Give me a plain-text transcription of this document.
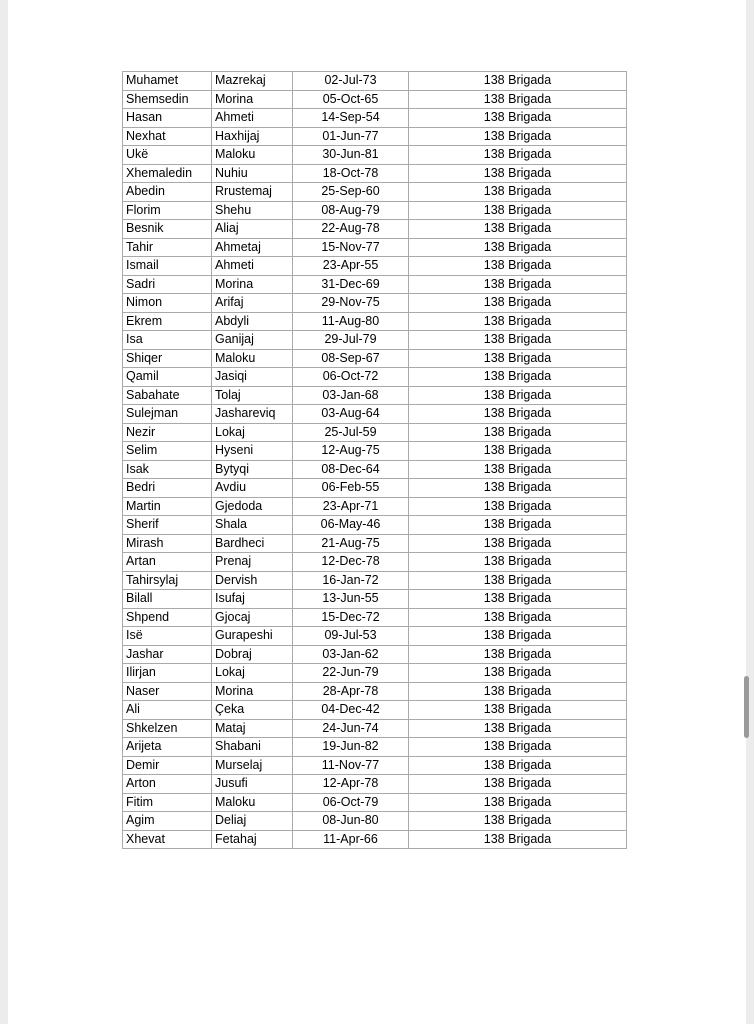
Muhamet	Mazrekaj	02-Jul-73	138 Brigada
Shemsedin	Morina	05-Oct-65	138 Brigada
Hasan	Ahmeti	14-Sep-54	138 Brigada
Nexhat	Haxhijaj	01-Jun-77	138 Brigada
Ukë	Maloku	30-Jun-81	138 Brigada
Xhemaledin	Nuhiu	18-Oct-78	138 Brigada
Abedin	Rrustemaj	25-Sep-60	138 Brigada
Florim	Shehu	08-Aug-79	138 Brigada
Besnik	Aliaj	22-Aug-78	138 Brigada
Tahir	Ahmetaj	15-Nov-77	138 Brigada
Ismail	Ahmeti	23-Apr-55	138 Brigada
Sadri	Morina	31-Dec-69	138 Brigada
Nimon	Arifaj	29-Nov-75	138 Brigada
Ekrem	Abdyli	11-Aug-80	138 Brigada
Isa	Ganijaj	29-Jul-79	138 Brigada
Shiqer	Maloku	08-Sep-67	138 Brigada
Qamil	Jasiqi	06-Oct-72	138 Brigada
Sabahate	Tolaj	03-Jan-68	138 Brigada
Sulejman	Jashareviq	03-Aug-64	138 Brigada
Nezir	Lokaj	25-Jul-59	138 Brigada
Selim	Hyseni	12-Aug-75	138 Brigada
Isak	Bytyqi	08-Dec-64	138 Brigada
Bedri	Avdiu	06-Feb-55	138 Brigada
Martin	Gjedoda	23-Apr-71	138 Brigada
Sherif	Shala	06-May-46	138 Brigada
Mirash	Bardheci	21-Aug-75	138 Brigada
Artan	Prenaj	12-Dec-78	138 Brigada
Tahirsylaj	Dervish	16-Jan-72	138 Brigada
Bilall	Isufaj	13-Jun-55	138 Brigada
Shpend	Gjocaj	15-Dec-72	138 Brigada
Isë	Gurapeshi	09-Jul-53	138 Brigada
Jashar	Dobraj	03-Jan-62	138 Brigada
Ilirjan	Lokaj	22-Jun-79	138 Brigada
Naser	Morina	28-Apr-78	138 Brigada
Ali	Çeka	04-Dec-42	138 Brigada
Shkelzen	Mataj	24-Jun-74	138 Brigada
Arijeta	Shabani	19-Jun-82	138 Brigada
Demir	Murselaj	11-Nov-77	138 Brigada
Arton	Jusufi	12-Apr-78	138 Brigada
Fitim	Maloku	06-Oct-79	138 Brigada
Agim	Deliaj	08-Jun-80	138 Brigada
Xhevat	Fetahaj	11-Apr-66	138 Brigada
